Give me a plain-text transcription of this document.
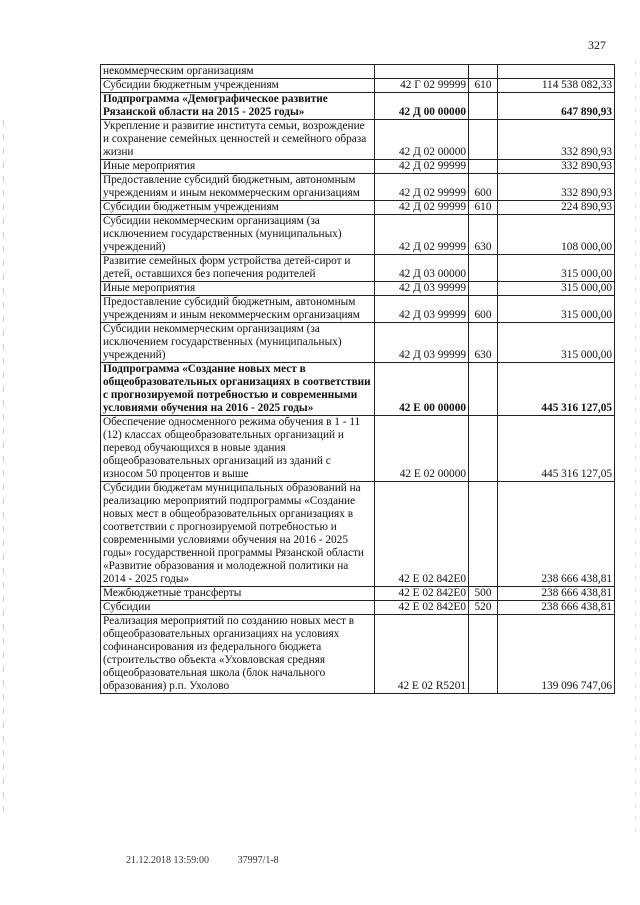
327
некоммерческим организациям			
Субсидии бюджетным учреждениям	42 Г 02 99999	610	114 538 082,33
Подпрограмма «Демографическое развитие Рязанской области на 2015 - 2025 годы»	42 Д 00 00000		647 890,93
Укрепление и развитие института семьи, возрождение и сохранение семейных ценностей и семейного образа жизни	42 Д 02 00000		332 890,93
Иные мероприятия	42 Д 02 99999		332 890,93
Предоставление субсидий бюджетным, автономным учреждениям и иным некоммерческим организациям	42 Д 02 99999	600	332 890,93
Субсидии бюджетным учреждениям	42 Д 02 99999	610	224 890,93
Субсидии некоммерческим организациям (за исключением государственных (муниципальных) учреждений)	42 Д 02 99999	630	108 000,00
Развитие семейных форм устройства детей-сирот и детей, оставшихся без попечения родителей	42 Д 03 00000		315 000,00
Иные мероприятия	42 Д 03 99999		315 000,00
Предоставление субсидий бюджетным, автономным учреждениям и иным некоммерческим организациям	42 Д 03 99999	600	315 000,00
Субсидии некоммерческим организациям (за исключением государственных (муниципальных) учреждений)	42 Д 03 99999	630	315 000,00
Подпрограмма «Создание новых мест в общеобразовательных организациях в соответствии с прогнозируемой потребностью и современными условиями обучения на 2016 - 2025 годы»	42 Е 00 00000		445 316 127,05
Обеспечение односменного режима обучения в 1 - 11 (12) классах общеобразовательных организаций и перевод обучающихся в новые здания общеобразовательных организаций из зданий с износом 50 процентов и выше	42 Е 02 00000		445 316 127,05
Субсидии бюджетам муниципальных образований на реализацию мероприятий подпрограммы «Создание новых мест в общеобразовательных организациях в соответствии с прогнозируемой потребностью и современными условиями обучения на 2016 - 2025 годы» государственной программы Рязанской области «Развитие образования и молодежной политики на 2014 - 2025 годы»	42 Е 02 842Е0		238 666 438,81
Межбюджетные трансферты	42 Е 02 842Е0	500	238 666 438,81
Субсидии	42 Е 02 842Е0	520	238 666 438,81
Реализация мероприятий по созданию новых мест в общеобразовательных организациях на условиях софинансирования из федерального бюджета (строительство объекта «Уховловская средняя общеобразовательная школа (блок начального образования) р.п. Ухолово	42 Е 02 R5201		139 096 747,06
21.12.2018 13:59:00	37997/1-8
